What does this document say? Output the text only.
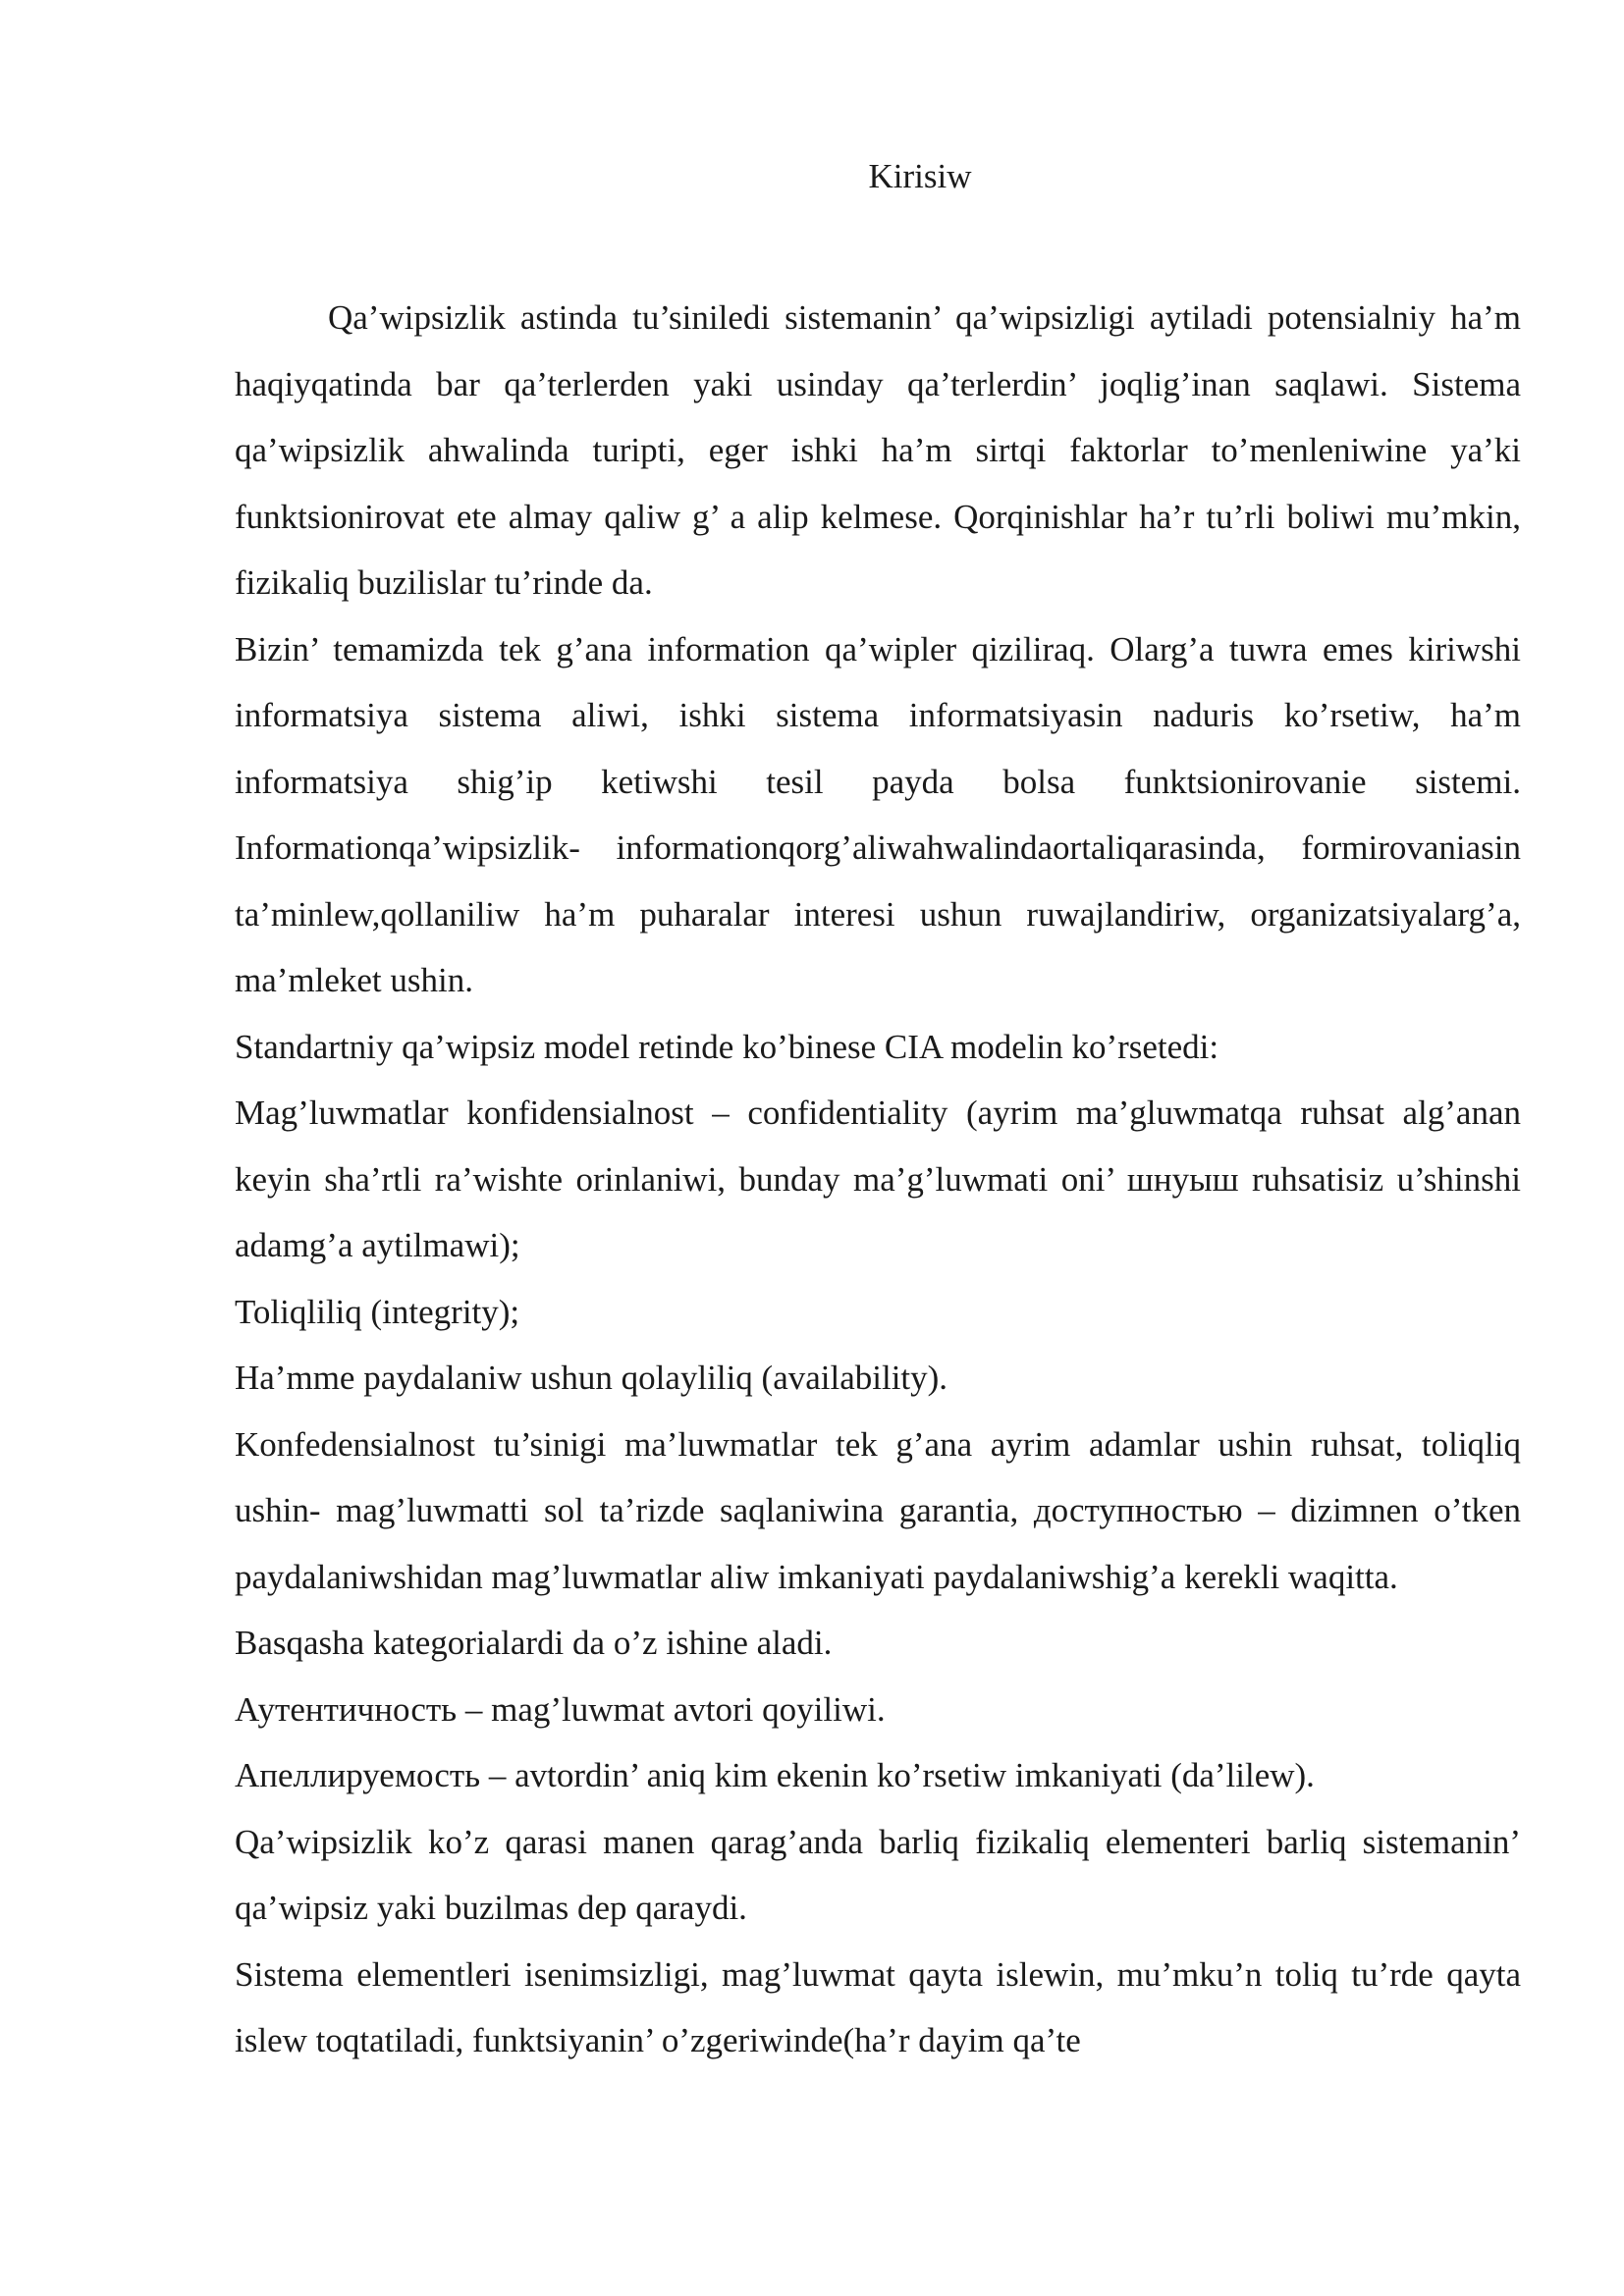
Kirisiw

Qa’wipsizlik astinda tu’siniledi sistemanin’ qa’wipsizligi aytiladi potensialniy ha’m haqiyqatinda bar qa’terlerden yaki usinday qa’terlerdin’ joqlig’inan saqlawi. Sistema qa’wipsizlik ahwalinda turipti, eger ishki ha’m sirtqi faktorlar to’menleniwine ya’ki funktsionirovat ete almay qaliw g’ a alip kelmese. Qorqinishlar ha’r tu’rli boliwi mu’mkin, fizikaliq buzilislar tu’rinde da.

Bizin’ temamizda tek g’ana information qa’wipler qiziliraq. Olarg’a tuwra emes kiriwshi informatsiya sistema aliwi, ishki sistema informatsiyasin naduris ko’rsetiw, ha’m informatsiya shig’ip ketiwshi tesil payda bolsa funktsionirovanie sistemi. Informationqa’wipsizlik- informationqorg’aliwahwalindaortaliqarasinda, formirovaniasin ta’minlew,qollaniliw ha’m puharalar interesi ushun ruwajlandiriw, organizatsiyalarg’a, ma’mleket ushin.

Standartniy qa’wipsiz model retinde ko’binese CIA modelin ko’rsetedi:

Mag’luwmatlar konfidensialnost – confidentiality (ayrim ma’gluwmatqa ruhsat alg’anan keyin sha’rtli ra’wishte orinlaniwi, bunday ma’g’luwmati oni’ шнуыш ruhsatisiz u’shinshi adamg’a aytilmawi);

Toliqliliq (integrity);

Ha’mme paydalaniw ushun qolayliliq (availability).

Konfedensialnost tu’sinigi ma’luwmatlar tek g’ana ayrim adamlar ushin ruhsat, toliqliq ushin- mag’luwmatti sol ta’rizde saqlaniwina garantia, доступностью – dizimnen o’tken paydalaniwshidan mag’luwmatlar aliw imkaniyati paydalaniwshig’a kerekli waqitta.

Basqasha kategorialardi da o’z ishine aladi.

Аутентичность – mag’luwmat avtori qoyiliwi.

Апеллируемость – avtordin’ aniq kim ekenin ko’rsetiw imkaniyati (da’lilew).

Qa’wipsizlik ko’z qarasi manen qarag’anda barliq fizikaliq elementeri barliq sistemanin’ qa’wipsiz yaki buzilmas dep qaraydi.

Sistema elementleri isenimsizligi, mag’luwmat qayta islewin, mu’mku’n toliq tu’rde qayta islew toqtatiladi, funktsiyanin’ o’zgeriwinde(ha’r dayim qa’te
